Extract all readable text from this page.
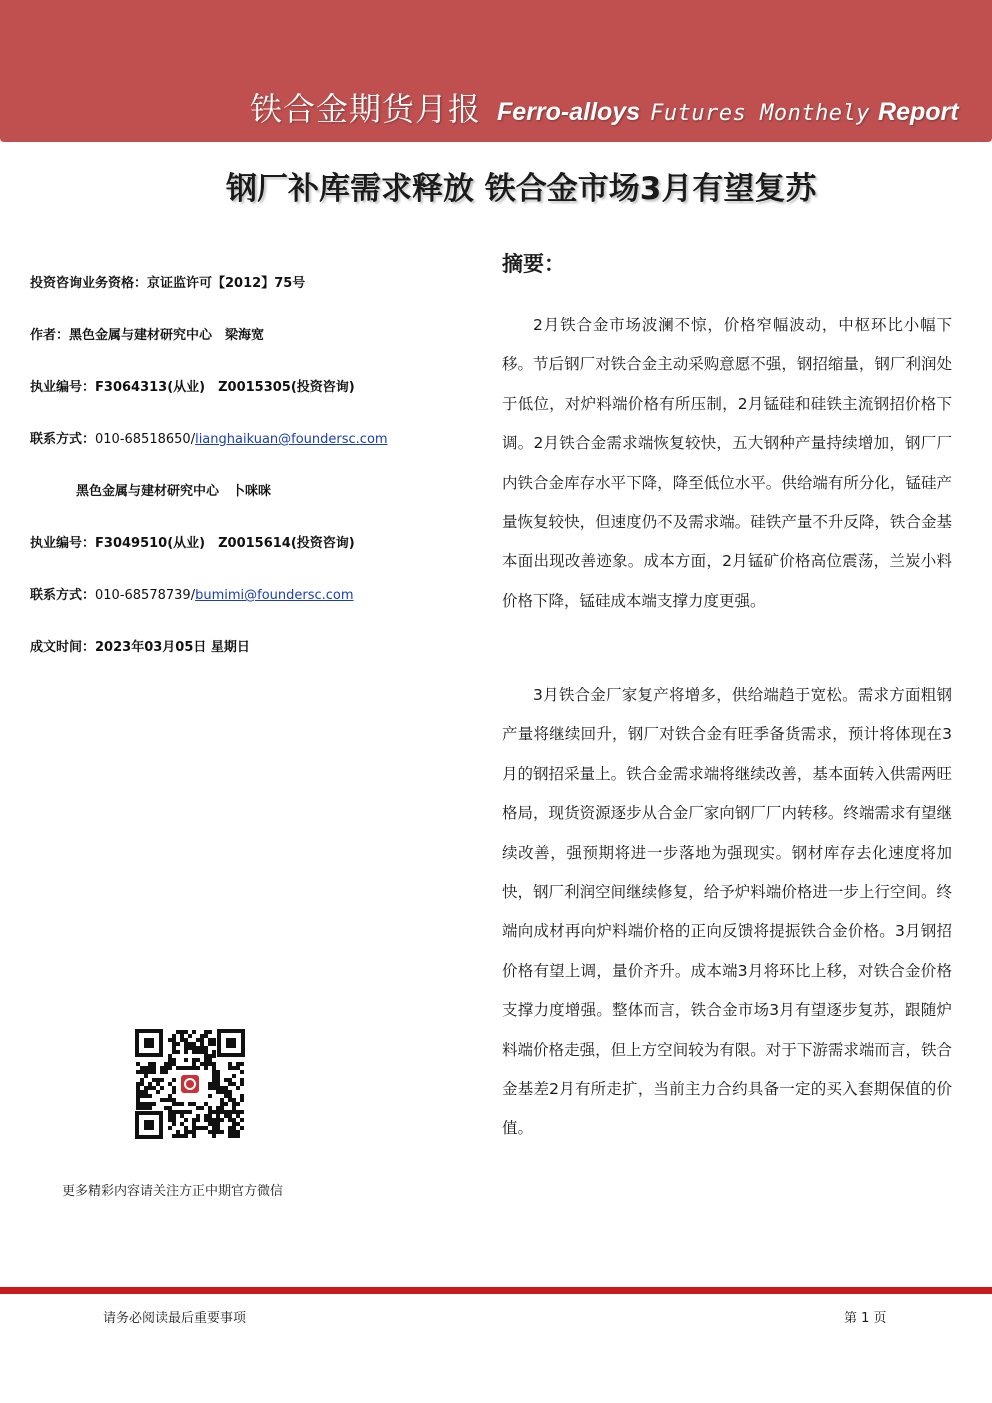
铁合金期货月报 Ferro-alloys Futures Monthely Report
钢厂补库需求释放 铁合金市场3月有望复苏
投资咨询业务资格：京证监许可【2012】75号
作者：黑色金属与建材研究中心　梁海宽
执业编号：F3064313(从业)　Z0015305(投资咨询)
联系方式：010-68518650/lianghaikuan@foundersc.com
黑色金属与建材研究中心　卜咪咪
执业编号：F3049510(从业)　Z0015614(投资咨询)
联系方式：010-68578739/bumimi@foundersc.com
成文时间：2023年03月05日 星期日
摘要：

2月铁合金市场波澜不惊，价格窄幅波动，中枢环比小幅下移。节后钢厂对铁合金主动采购意愿不强，钢招缩量，钢厂利润处于低位，对炉料端价格有所压制，2月锰硅和硅铁主流钢招价格下调。2月铁合金需求端恢复较快，五大钢种产量持续增加，钢厂厂内铁合金库存水平下降，降至低位水平。供给端有所分化，锰硅产量恢复较快，但速度仍不及需求端。硅铁产量不升反降，铁合金基本面出现改善迹象。成本方面，2月锰矿价格高位震荡，兰炭小料价格下降，锰硅成本端支撑力度更强。

3月铁合金厂家复产将增多，供给端趋于宽松。需求方面粗钢产量将继续回升，钢厂对铁合金有旺季备货需求，预计将体现在3月的钢招采量上。铁合金需求端将继续改善，基本面转入供需两旺格局，现货资源逐步从合金厂家向钢厂厂内转移。终端需求有望继续改善，强预期将进一步落地为强现实。钢材库存去化速度将加快，钢厂利润空间继续修复，给予炉料端价格进一步上行空间。终端向成材再向炉料端价格的正向反馈将提振铁合金价格。3月钢招价格有望上调，量价齐升。成本端3月将环比上移，对铁合金价格支撑力度增强。整体而言，铁合金市场3月有望逐步复苏，跟随炉料端价格走强，但上方空间较为有限。对于下游需求端而言，铁合金基差2月有所走扩，当前主力合约具备一定的买入套期保值的价值。

更多精彩内容请关注方正中期官方微信
请务必阅读最后重要事项	第 1 页
